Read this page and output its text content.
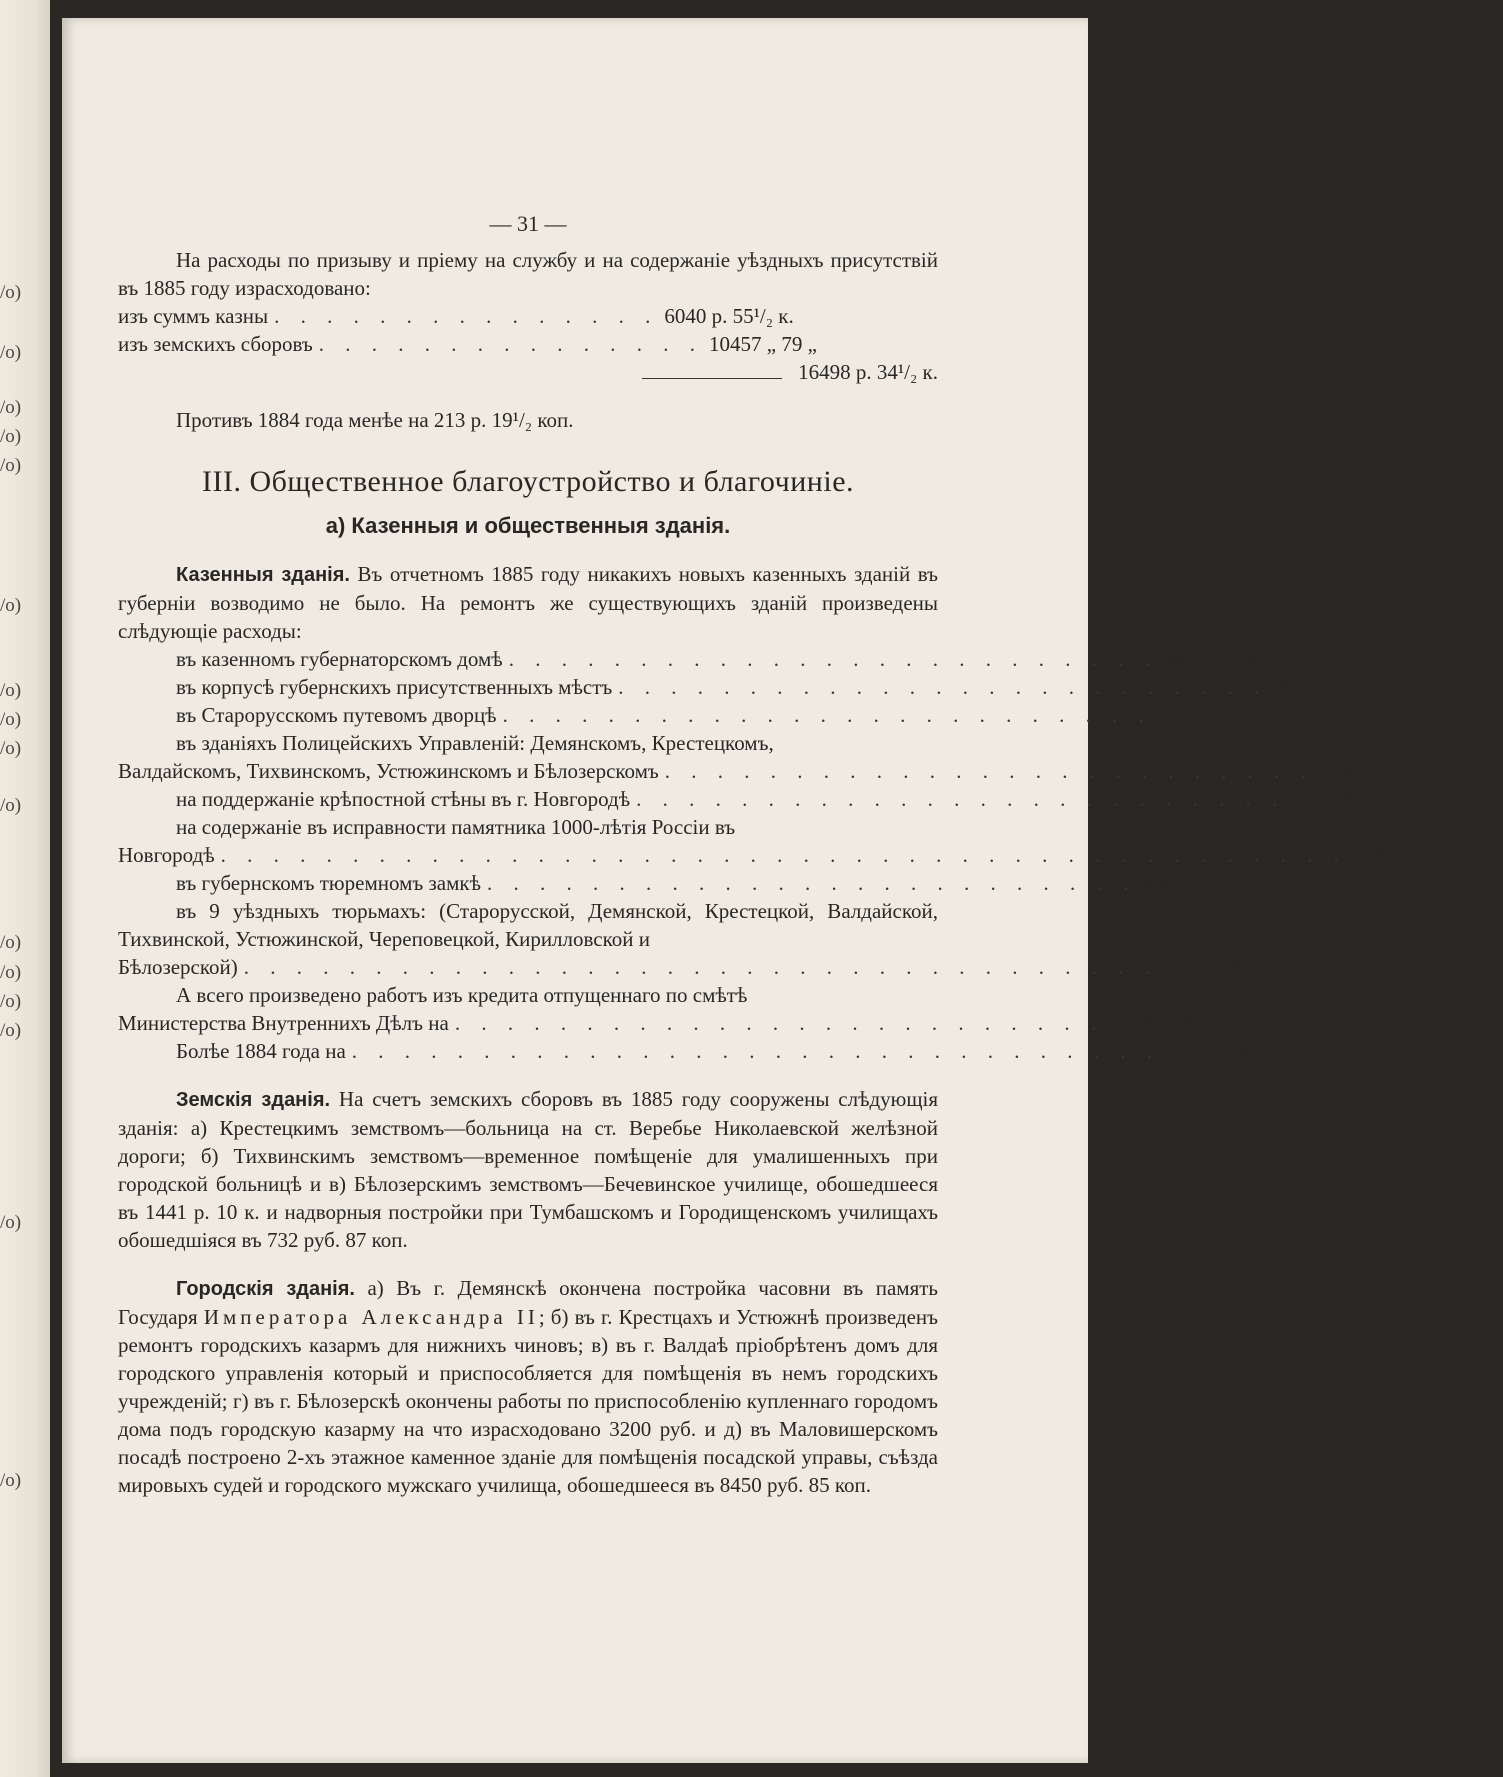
/о)
/о)
/о)
/о)
/о)
/о)
/о)
/о)
/о)
/о)
/о)
/о)
/о)
/о)
/о)
/о)
— 31 —

На расходы по призыву и пріему на службу и на содержаніе уѣздныхъ присутствій въ 1885 году израсходовано:

изъ суммъ казны . . . . . . . . . . . . . . . 6040 р. 55¹/₂ к.
изъ земскихъ сборовъ . . . . . . . . . . . . . . . 10457 „ 79 „
16498 р. 34¹/₂ к.

Противъ 1884 года менѣе на 213 р. 19¹/₂ коп.

III. Общественное благоустройство и благочиніе.
а) Казенныя и общественныя зданія.

Казенныя зданія. Въ отчетномъ 1885 году никакихъ новыхъ казенныхъ зданій въ губерніи возводимо не было. На ремонтъ же существующихъ зданій произведены слѣдующіе расходы:

въ казенномъ губернаторскомъ домѣ . . . . . . . . . . . . . . . . . . . . . . . . . 969 р. 38 к.
въ корпусѣ губернскихъ присутственныхъ мѣстъ . . . . . . . . . . . . . . . . . . . . . . . . . 2020 „ 01 „
въ Старорусскомъ путевомъ дворцѣ . . . . . . . . . . . . . . . . . . . . . . . . . 365 „ — „

въ зданіяхъ Полицейскихъ Управленій: Демянскомъ, Крестецкомъ,

Валдайскомъ, Тихвинскомъ, Устюжинскомъ и Бѣлозерскомъ . . . . . . . . . . . . . . . . . . . . . . . . . 1842 „ 22 „
на поддержаніе крѣпостной стѣны въ г. Новгородѣ . . . . . . . . . . . . . . . . . . . . . . . . . 961 „ 54 „

на содержаніе въ исправности памятника 1000-лѣтія Россіи въ

Новгородѣ . . . . . . . . . . . . . . . . . . . . . . . . . . . . . . . . . . . . . . . . . . . 1040 „ 22 „
въ губернскомъ тюремномъ замкѣ . . . . . . . . . . . . . . . . . . . . . . . . . 848 „ 82 „

въ 9 уѣздныхъ тюрьмахъ: (Старорусской, Демянской, Крестецкой, Валдайской, Тихвинской, Устюжинской, Череповецкой, Кирилловской и

Бѣлозерской) . . . . . . . . . . . . . . . . . . . . . . . . . . . . . . . . . . . 4143 „ 20 „

А всего произведено работъ изъ кредита отпущеннаго по смѣтѣ

Министерства Внутреннихъ Дѣлъ на . . . . . . . . . . . . . . . . . . . . . . . . . 12190 „ 39 „
Болѣе 1884 года на . . . . . . . . . . . . . . . . . . . . . . . . . . . . . . . 2997 „ 84 „

Земскія зданія. На счетъ земскихъ сборовъ въ 1885 году сооружены слѣдующія зданія: а) Крестецкимъ земствомъ—больница на ст. Веребье Николаевской желѣзной дороги; б) Тихвинскимъ земствомъ—временное помѣщеніе для умалишенныхъ при городской больницѣ и в) Бѣлозерскимъ земствомъ—Бечевинское училище, обошедшееся въ 1441 р. 10 к. и надворныя постройки при Тумбашскомъ и Городищенскомъ училищахъ обошедшіяся въ 732 руб. 87 коп.

Городскія зданія. а) Въ г. Демянскѣ окончена постройка часовни въ память Государя Императора Александра II; б) въ г. Крестцахъ и Устюжнѣ произведенъ ремонтъ городскихъ казармъ для нижнихъ чиновъ; в) въ г. Валдаѣ пріобрѣтенъ домъ для городского управленія который и приспособляется для помѣщенія въ немъ городскихъ учрежденій; г) въ г. Бѣлозерскѣ окончены работы по приспособленію купленнаго городомъ дома подъ городскую казарму на что израсходовано 3200 руб. и д) въ Маловишерскомъ посадѣ построено 2-хъ этажное каменное зданіе для помѣщенія посадской управы, съѣзда мировыхъ судей и городского мужскаго училища, обошедшееся въ 8450 руб. 85 коп.
